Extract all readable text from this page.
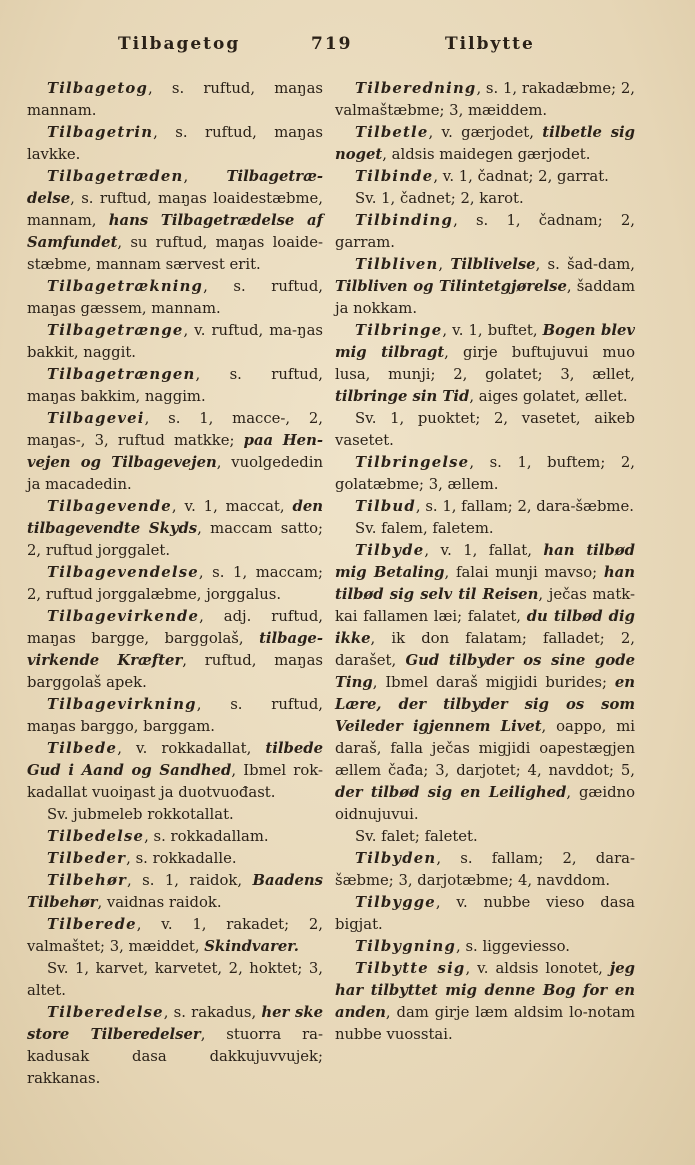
Tilbagetog	719	Tilbytte

Tilbagetog, s. ruftud, maŋas mannam.

Tilbagetrin, s. ruftud, maŋas lavkke.

Tilbagetræden, Tilbagetræ-delse, s. ruftud, maŋas loaidestæbme, mannam, hans Tilbagetrædelse af Samfundet, su ruftud, maŋas loaide-stæbme, mannam særvest erit.

Tilbagetrækning, s. ruftud, maŋas gæssem, mannam.

Tilbagetrænge, v. ruftud, ma-ŋas bakkit, naggit.

Tilbagetrængen, s. ruftud, maŋas bakkim, naggim.

Tilbagevei, s. 1, macce-, 2, maŋas-, 3, ruftud matkke; paa Hen-vejen og Tilbagevejen, vuolgededin ja macadedin.

Tilbagevende, v. 1, maccat, den tilbagevendte Skyds, maccam satto; 2, ruftud jorggalet.

Tilbagevendelse, s. 1, maccam; 2, ruftud jorggalæbme, jorggalus.

Tilbagevirkende, adj. ruftud, maŋas bargge, barggolaš, tilbage-virkende Kræfter, ruftud, maŋas barggolaš apek.

Tilbagevirkning, s. ruftud, maŋas barggo, barggam.

Tilbede, v. rokkadallat, tilbede Gud i Aand og Sandhed, Ibmel rok-kadallat vuoiŋast ja duotvuođast.

Sv. jubmeleb rokkotallat.

Tilbedelse, s. rokkadallam.

Tilbeder, s. rokkadalle.

Tilbehør, s. 1, raidok, Baadens Tilbehør, vaidnas raidok.

Tilberede, v. 1, rakadet; 2, valmaštet; 3, mæiddet, Skindvarer.

Sv. 1, karvet, karvetet, 2, hoktet; 3, altet.

Tilberedelse, s. rakadus, her ske store Tilberedelser, stuorra ra-kadusak dasa dakkujuvvujek; rakkanas.

Tilberedning, s. 1, rakadæbme; 2, valmaštæbme; 3, mæiddem.

Tilbetle, v. gærjodet, tilbetle sig noget, aldsis maidegen gærjodet.

Tilbinde, v. 1, čadnat; 2, garrat.

Sv. 1, čadnet; 2, karot.

Tilbinding, s. 1, čadnam; 2, garram.

Tilbliven, Tilblivelse, s. šad-dam, Tilbliven og Tilintetgjørelse, šaddam ja nokkam.

Tilbringe, v. 1, buftet, Bogen blev mig tilbragt, girje buftujuvui muo lusa, munji; 2, golatet; 3, ællet, tilbringe sin Tid, aiges golatet, ællet.

Sv. 1, puoktet; 2, vasetet, aikeb vasetet.

Tilbringelse, s. 1, buftem; 2, golatæbme; 3, ællem.

Tilbud, s. 1, fallam; 2, dara-šæbme.

Sv. falem, faletem.

Tilbyde, v. 1, fallat, han tilbød mig Betaling, falai munji mavso; han tilbød sig selv til Reisen, ječas matk-kai fallamen læi; falatet, du tilbød dig ikke, ik don falatam; falladet; 2, darašet, Gud tilbyder os sine gode Ting, Ibmel daraš migjidi burides; en Lære, der tilbyder sig os som Veileder igjennem Livet, oappo, mi daraš, falla ječas migjidi oapestægjen ællem čađa; 3, darjotet; 4, navddot; 5, der tilbød sig en Leilighed, gæidno oidnujuvui.

Sv. falet; faletet.

Tilbyden, s. fallam; 2, dara-šæbme; 3, darjotæbme; 4, navddom.

Tilbygge, v. nubbe vieso dasa bigjat.

Tilbygning, s. liggeviesso.

Tilbytte sig, v. aldsis lonotet, jeg har tilbyttet mig denne Bog for en anden, dam girje læm aldsim lo-notam nubbe vuosstai.
